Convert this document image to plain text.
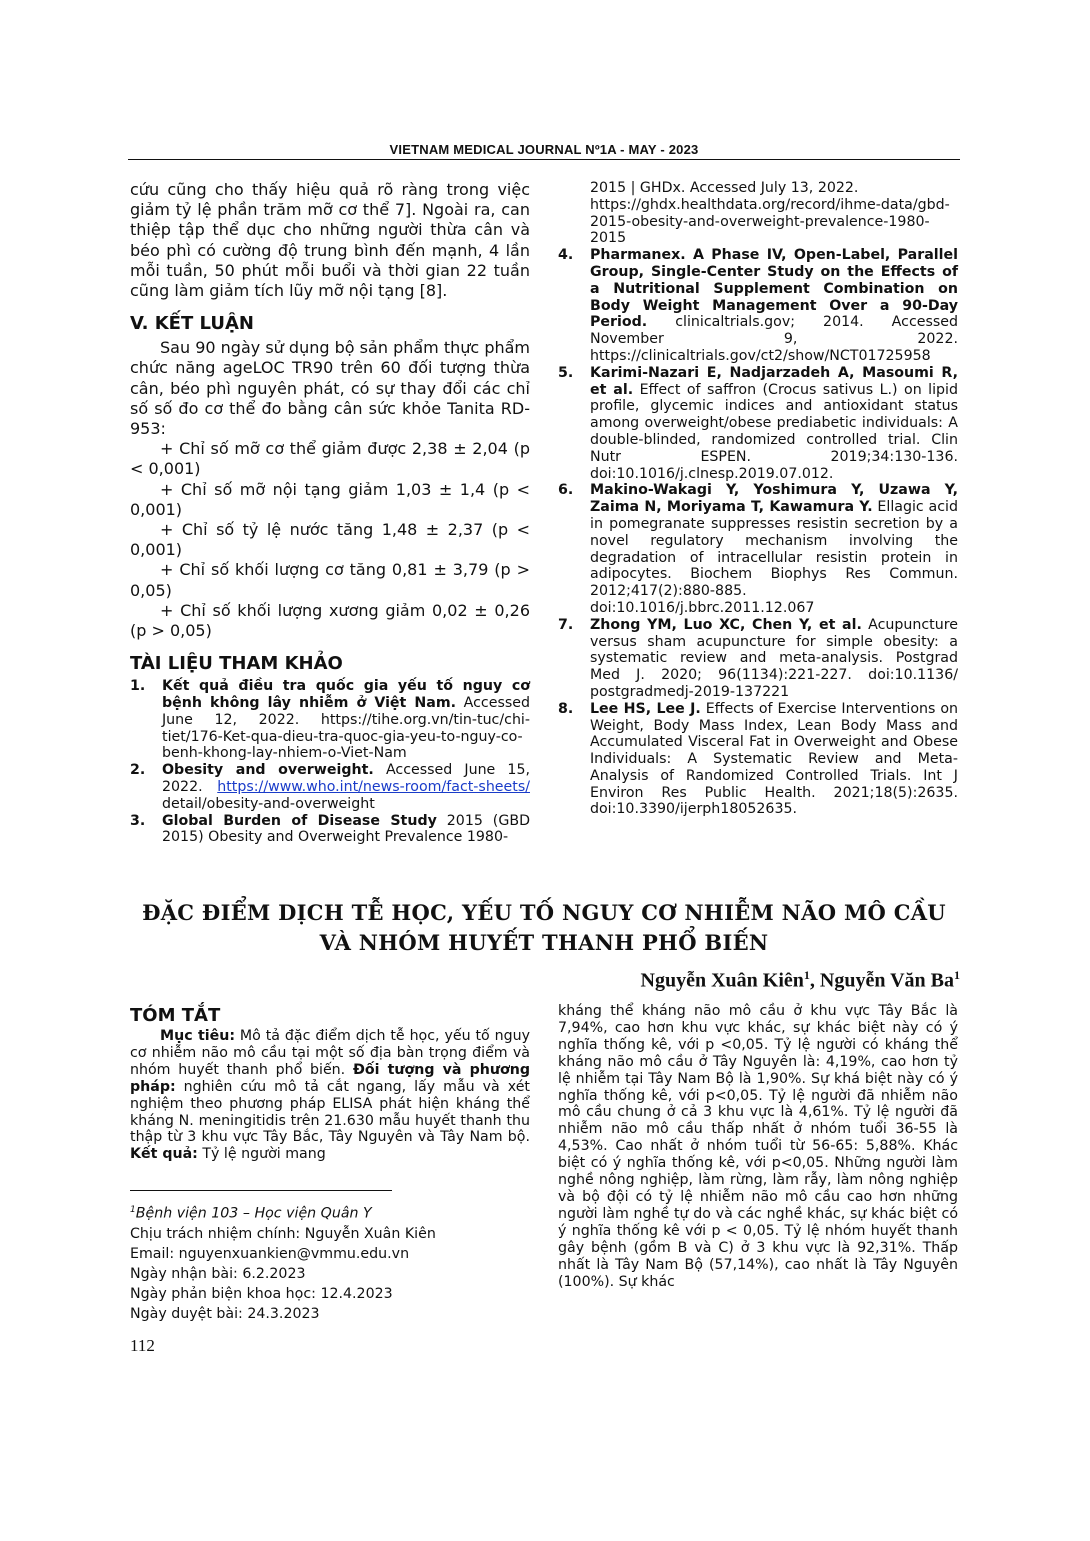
VIETNAM MEDICAL JOURNAL Nº1A - MAY - 2023

cứu cũng cho thấy hiệu quả rõ ràng trong việc giảm tỷ lệ phần trăm mỡ cơ thể 7]. Ngoài ra, can thiệp tập thể dục cho những người thừa cân và béo phì có cường độ trung bình đến mạnh, 4 lần mỗi tuần, 50 phút mỗi buổi và thời gian 22 tuần cũng làm giảm tích lũy mỡ nội tạng [8].

V. KẾT LUẬN

Sau 90 ngày sử dụng bộ sản phẩm thực phẩm chức năng ageLOC TR90 trên 60 đối tượng thừa cân, béo phì nguyên phát, có sự thay đổi các chỉ số số đo cơ thể đo bằng cân sức khỏe Tanita RD-953:

+ Chỉ số mỡ cơ thể giảm được 2,38 ± 2,04 (p < 0,001)

+ Chỉ số mỡ nội tạng giảm 1,03 ± 1,4 (p < 0,001)

+ Chỉ số tỷ lệ nước tăng 1,48 ± 2,37 (p < 0,001)

+ Chỉ số khối lượng cơ tăng 0,81 ± 3,79 (p > 0,05)

+ Chỉ số khối lượng xương giảm 0,02 ± 0,26 (p > 0,05)

TÀI LIỆU THAM KHẢO
1. Kết quả điều tra quốc gia yếu tố nguy cơ bệnh không lây nhiễm ở Việt Nam. Accessed June 12, 2022. https://tihe.org.vn/tin-tuc/chi-tiet/176-Ket-qua-dieu-tra-quoc-gia-yeu-to-nguy-co-benh-khong-lay-nhiem-o-Viet-Nam
2. Obesity and overweight. Accessed June 15, 2022. https://www.who.int/news-room/fact-sheets/ detail/obesity-and-overweight
3. Global Burden of Disease Study 2015 (GBD 2015) Obesity and Overweight Prevalence 1980-

2015 | GHDx. Accessed July 13, 2022. https://ghdx.healthdata.org/record/ihme-data/gbd-2015-obesity-and-overweight-prevalence-1980-2015

4. Pharmanex. A Phase IV, Open-Label, Parallel Group, Single-Center Study on the Effects of a Nutritional Supplement Combination on Body Weight Management Over a 90-Day Period. clinicaltrials.gov; 2014. Accessed November 9, 2022. https://clinicaltrials.gov/ct2/show/NCT01725958
5. Karimi-Nazari E, Nadjarzadeh A, Masoumi R, et al. Effect of saffron (Crocus sativus L.) on lipid profile, glycemic indices and antioxidant status among overweight/obese prediabetic individuals: A double-blinded, randomized controlled trial. Clin Nutr ESPEN. 2019;34:130-136. doi:10.1016/j.clnesp.2019.07.012.
6. Makino-Wakagi Y, Yoshimura Y, Uzawa Y, Zaima N, Moriyama T, Kawamura Y. Ellagic acid in pomegranate suppresses resistin secretion by a novel regulatory mechanism involving the degradation of intracellular resistin protein in adipocytes. Biochem Biophys Res Commun. 2012;417(2):880-885. doi:10.1016/j.bbrc.2011.12.067
7. Zhong YM, Luo XC, Chen Y, et al. Acupuncture versus sham acupuncture for simple obesity: a systematic review and meta-analysis. Postgrad Med J. 2020; 96(1134):221-227. doi:10.1136/ postgradmedj-2019-137221
8. Lee HS, Lee J. Effects of Exercise Interventions on Weight, Body Mass Index, Lean Body Mass and Accumulated Visceral Fat in Overweight and Obese Individuals: A Systematic Review and Meta-Analysis of Randomized Controlled Trials. Int J Environ Res Public Health. 2021;18(5):2635. doi:10.3390/ijerph18052635.
ĐẶC ĐIỂM DỊCH TỄ HỌC, YẾU TỐ NGUY CƠ NHIỄM NÃO MÔ CẦU
VÀ NHÓM HUYẾT THANH PHỔ BIẾN
Nguyễn Xuân Kiên$^1$, Nguyễn Văn Ba$^1$
TÓM TẮT

Mục tiêu: Mô tả đặc điểm dịch tễ học, yếu tố nguy cơ nhiễm não mô cầu tại một số địa bàn trọng điểm và nhóm huyết thanh phổ biến. Đối tượng và phương pháp: nghiên cứu mô tả cắt ngang, lấy mẫu và xét nghiệm theo phương pháp ELISA phát hiện kháng thể kháng N. meningitidis trên 21.630 mẫu huyết thanh thu thập từ 3 khu vực Tây Bắc, Tây Nguyên và Tây Nam bộ. Kết quả: Tỷ lệ người mang

kháng thể kháng não mô cầu ở khu vực Tây Bắc là 7,94%, cao hơn khu vực khác, sự khác biệt này có ý nghĩa thống kê, với p <0,05. Tỷ lệ người có kháng thể kháng não mô cầu ở Tây Nguyên là: 4,19%, cao hơn tỷ lệ nhiễm tại Tây Nam Bộ là 1,90%. Sự khá biệt này có ý nghĩa thống kê, với p<0,05. Tỷ lệ người đã nhiễm não mô cầu chung ở cả 3 khu vực là 4,61%. Tỷ lệ người đã nhiễm não mô cầu thấp nhất ở nhóm tuổi 36-55 là 4,53%. Cao nhất ở nhóm tuổi từ 56-65: 5,88%. Khác biệt có ý nghĩa thống kê, với p<0,05. Những người làm nghề nông nghiệp, làm rừng, làm rẫy, làm nông nghiệp và bộ đội có tỷ lệ nhiễm não mô cầu cao hơn những người làm nghề tự do và các nghề khác, sự khác biệt có ý nghĩa thống kê với p < 0,05. Tỷ lệ nhóm huyết thanh gây bệnh (gồm B và C) ở 3 khu vực là 92,31%. Thấp nhất là Tây Nam Bộ (57,14%), cao nhất là Tây Nguyên (100%). Sự khác

$^1$Bệnh viện 103 – Học viện Quân Y
Chịu trách nhiệm chính: Nguyễn Xuân Kiên
Email: nguyenxuankien@vmmu.edu.vn
Ngày nhận bài: 6.2.2023
Ngày phản biện khoa học: 12.4.2023
Ngày duyệt bài: 24.3.2023
112
